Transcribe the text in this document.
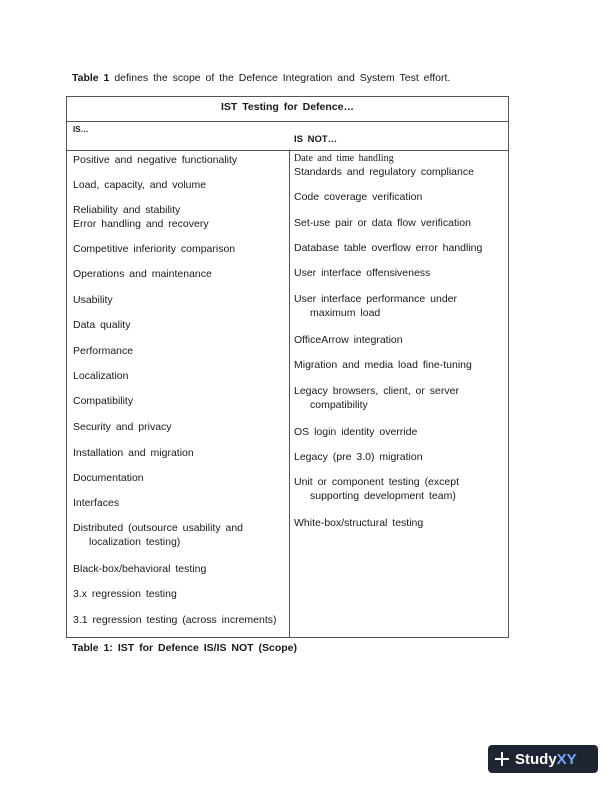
Table 1 defines the scope of the Defence Integration and System Test effort.
IST Testing for Defence…
IS…
IS NOT…
Positive and negative functionality
Load, capacity, and volume
Reliability and stability
Error handling and recovery
Competitive inferiority comparison
Operations and maintenance
Usability
Data quality
Performance
Localization
Compatibility
Security and privacy
Installation and migration
Documentation
Interfaces
Distributed (outsource usability and
localization testing)
Black-box/behavioral testing
3.x regression testing
3.1 regression testing (across increments)
Date and time handling
Standards and regulatory compliance
Code coverage verification
Set-use pair or data flow verification
Database table overflow error handling
User interface offensiveness
User interface performance under
maximum load
OfficeArrow integration
Migration and media load fine-tuning
Legacy browsers, client, or server
compatibility
OS login identity override
Legacy (pre 3.0) migration
Unit or component testing (except
supporting development team)
White-box/structural testing
Table 1: IST for Defence IS/IS NOT (Scope)
Study XY
